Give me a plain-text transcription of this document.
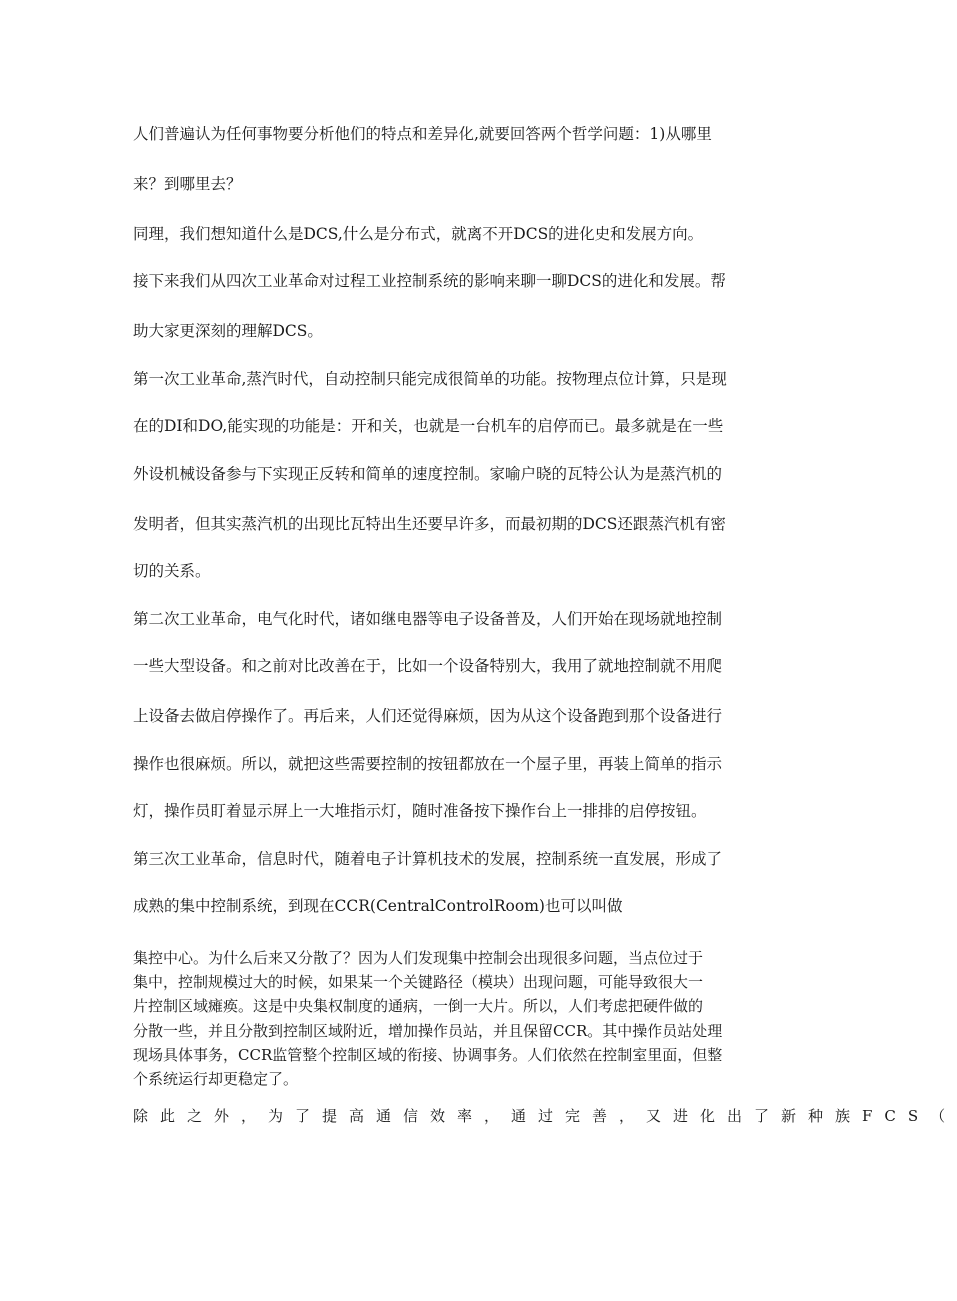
人们普遍认为任何事物要分析他们的特点和差异化,就要回答两个哲学问题：1)从哪里
来？到哪里去？
同理，我们想知道什么是DCS,什么是分布式，就离不开DCS的进化史和发展方向。
接下来我们从四次工业革命对过程工业控制系统的影响来聊一聊DCS的进化和发展。帮
助大家更深刻的理解DCS。
第一次工业革命,蒸汽时代，自动控制只能完成很简单的功能。按物理点位计算，只是现
在的DI和DO,能实现的功能是：开和关，也就是一台机车的启停而已。最多就是在一些
外设机械设备参与下实现正反转和简单的速度控制。家喻户晓的瓦特公认为是蒸汽机的
发明者，但其实蒸汽机的出现比瓦特出生还要早许多，而最初期的DCS还跟蒸汽机有密
切的关系。
第二次工业革命，电气化时代，诸如继电器等电子设备普及，人们开始在现场就地控制
一些大型设备。和之前对比改善在于，比如一个设备特别大，我用了就地控制就不用爬
上设备去做启停操作了。再后来，人们还觉得麻烦，因为从这个设备跑到那个设备进行
操作也很麻烦。所以，就把这些需要控制的按钮都放在一个屋子里，再装上简单的指示
灯，操作员盯着显示屏上一大堆指示灯，随时准备按下操作台上一排排的启停按钮。
第三次工业革命，信息时代，随着电子计算机技术的发展，控制系统一直发展，形成了
成熟的集中控制系统，到现在CCR(CentralControlRoom)也可以叫做
集控中心。为什么后来又分散了？因为人们发现集中控制会出现很多问题，当点位过于
集中，控制规模过大的时候，如果某一个关键路径（模块）出现问题，可能导致很大一
片控制区域瘫痪。这是中央集权制度的通病，一倒一大片。所以，人们考虑把硬件做的
分散一些，并且分散到控制区域附近，增加操作员站，并且保留CCR。其中操作员站处理
现场具体事务，CCR监管整个控制区域的衔接、协调事务。人们依然在控制室里面，但整
个系统运行却更稳定了。
除此之外，为了提高通信效率，通过完善，又进化出了新种族FCS（
